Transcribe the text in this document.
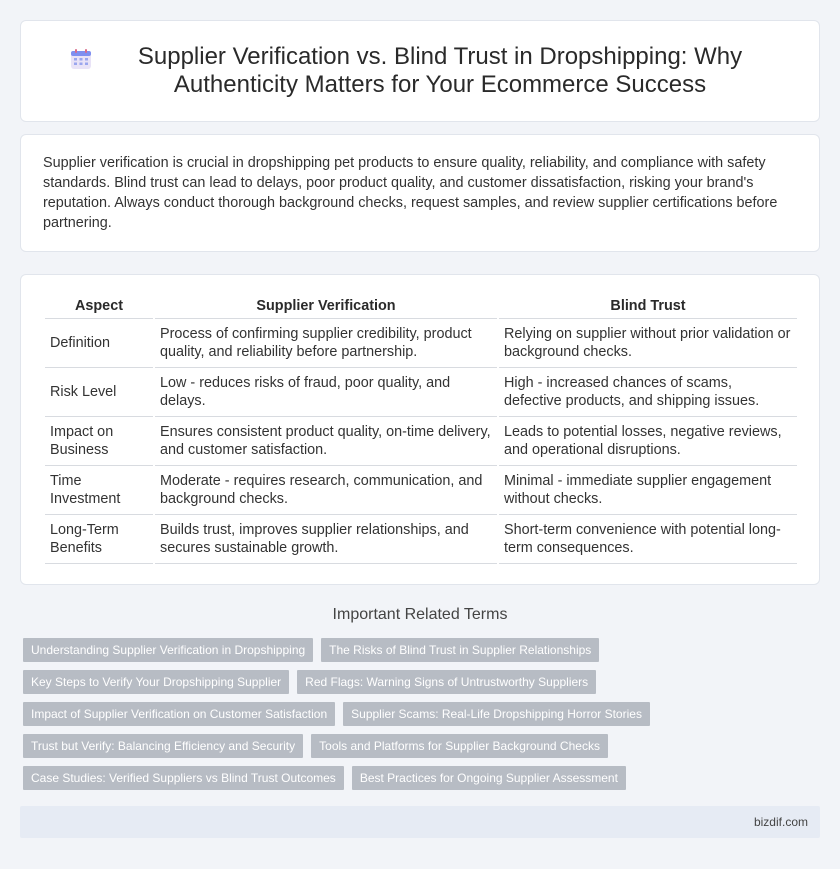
Supplier Verification vs. Blind Trust in Dropshipping: Why Authenticity Matters for Your Ecommerce Success

Supplier verification is crucial in dropshipping pet products to ensure quality, reliability, and compliance with safety standards. Blind trust can lead to delays, poor product quality, and customer dissatisfaction, risking your brand's reputation. Always conduct thorough background checks, request samples, and review supplier certifications before partnering.

Aspect	Supplier Verification	Blind Trust
Definition	Process of confirming supplier credibility, product quality, and reliability before partnership.	Relying on supplier without prior validation or background checks.
Risk Level	Low - reduces risks of fraud, poor quality, and delays.	High - increased chances of scams, defective products, and shipping issues.
Impact on Business	Ensures consistent product quality, on-time delivery, and customer satisfaction.	Leads to potential losses, negative reviews, and operational disruptions.
Time Investment	Moderate - requires research, communication, and background checks.	Minimal - immediate supplier engagement without checks.
Long-Term Benefits	Builds trust, improves supplier relationships, and secures sustainable growth.	Short-term convenience with potential long-term consequences.
Important Related Terms
Understanding Supplier Verification in Dropshipping	The Risks of Blind Trust in Supplier Relationships
Key Steps to Verify Your Dropshipping Supplier	Red Flags: Warning Signs of Untrustworthy Suppliers
Impact of Supplier Verification on Customer Satisfaction	Supplier Scams: Real-Life Dropshipping Horror Stories
Trust but Verify: Balancing Efficiency and Security	Tools and Platforms for Supplier Background Checks
Case Studies: Verified Suppliers vs Blind Trust Outcomes	Best Practices for Ongoing Supplier Assessment
bizdif.com
